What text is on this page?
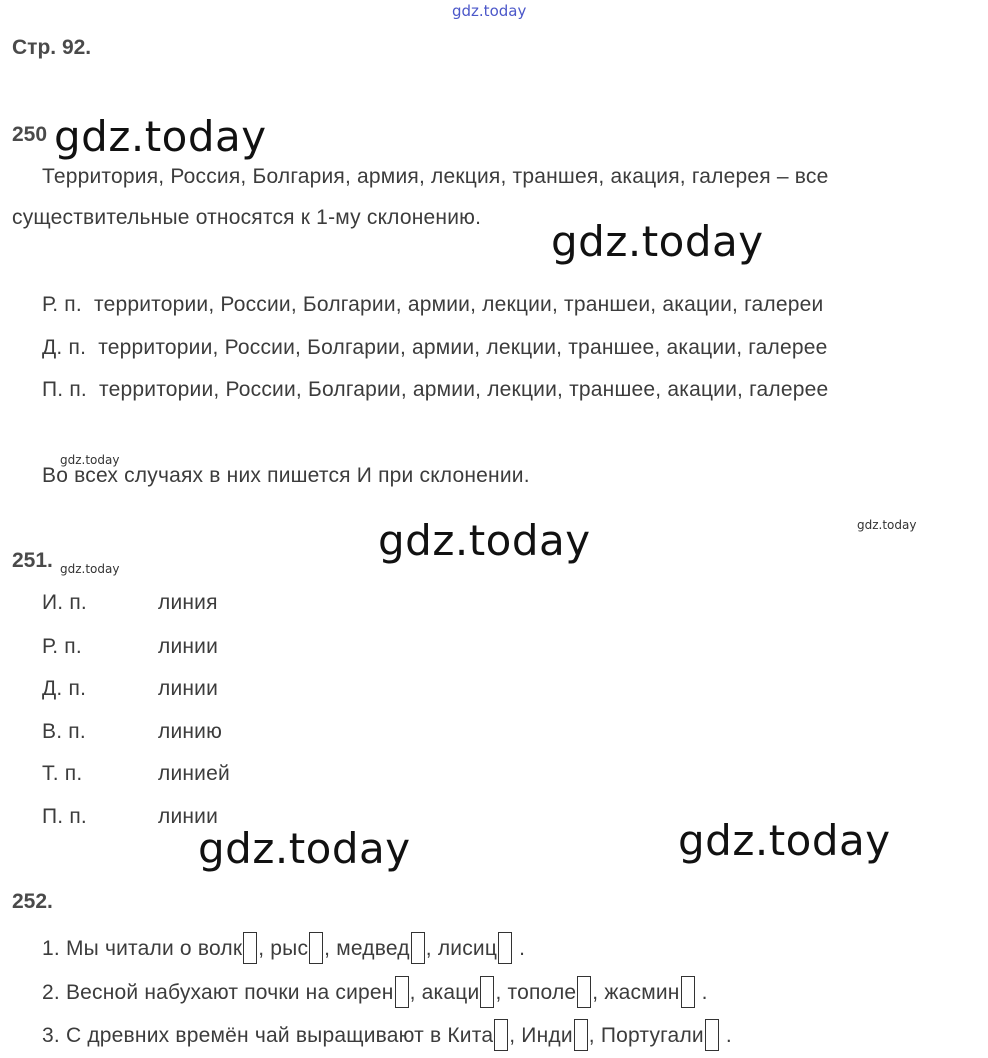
gdz.today
gdz.today
gdz.today
gdz.today
gdz.today
gdz.today
gdz.today
gdz.today	gdz.today
Стр. 92.
250
Территория, Россия, Болгария, армия, лекция, траншея, акация, галерея – все
существительные относятся к 1-му склонению.
Р. п. территории, России, Болгарии, армии, лекции, траншеи, акации, галереи
Д. п. территории, России, Болгарии, армии, лекции, траншее, акации, галерее
П. п. территории, России, Болгарии, армии, лекции, траншее, акации, галерее
Во всех случаях в них пишется И при склонении.
251.
И. п.	линия
Р. п.	линии
Д. п.	линии
В. п.	линию
Т. п.	линией
П. п.	линии
252.
1. Мы читали о волк , рыс , медвед , лисиц .
2. Весной набухают почки на сирен , акаци , тополе , жасмин .
3. С древних времён чай выращивают в Кита , Инди , Португали .
